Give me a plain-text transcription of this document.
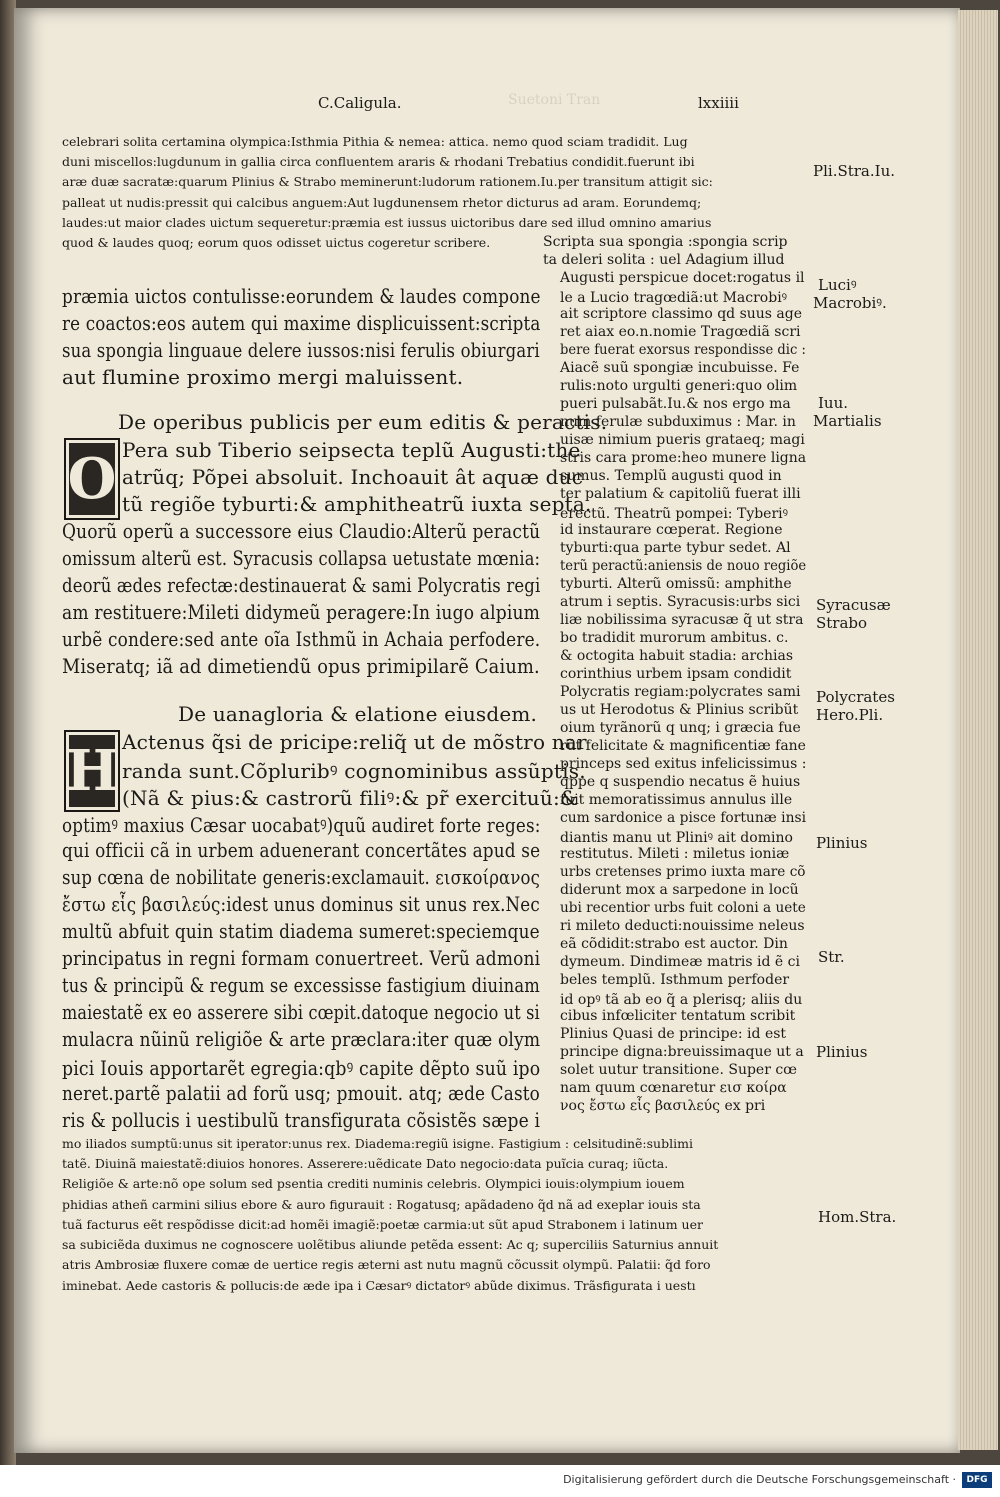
Suetoni Tran
C.Caligula.	lxxiiii
celebrari solita certamina olympica:Isthmia Pithia & nemea: attica. nemo quod sciam tradidit. Lug
duni miscellos:lugdunum in gallia circa confluentem araris & rhodani Trebatius condidit.fuerunt ibi
aræ duæ sacratæ:quarum Plinius & Strabo meminerunt:ludorum rationem.Iu.per transitum attigit sic:
palleat ut nudis:pressit qui calcibus anguem:Aut lugdunensem rhetor dicturus ad aram. Eorundemq;
laudes:ut maior clades uictum sequeretur:præmia est iussus uictoribus dare sed illud omnino amarius
quod & laudes quoq; eorum quos odisset uictus cogeretur scribere.
præmia uictos contulisse:eorundem & laudes compone
re coactos:eos autem qui maxime displicuissent:scripta
sua spongia linguaue delere iussos:nisi ferulis obiurgari
aut flumine proximo mergi maluissent.
De operibus publicis per eum editis & peractis.
O Pera sub Tiberio seipsecta teplũ Augusti:the
atrũq; Põpei absoluit. Inchoauit ât aquæ duc
tũ regiõe tyburti:& amphitheatrũ iuxta septa.
Quorũ operũ a successore eius Claudio:Alterũ peractũ
omissum alterũ est. Syracusis collapsa uetustate mœnia:
deorũ ædes refectæ:destinauerat & sami Polycratis regi
am restituere:Mileti didymeũ peragere:In iugo alpium
urbẽ condere:sed ante oĩa Isthmũ in Achaia perfodere.
Miseratq; iã ad dimetiendũ opus primipilarẽ Caium.
De uanagloria & elatione eiusdem.
H Actenus q̃si de pricipe:reliq̃ ut de mõstro nar
randa sunt.Cõpluribꝰ cognominibus assũptis.
(Nã & pius:& castrorũ filiꝰ:& pr̃ exercituũ:&
optimꝰ maxius Cæsar uocabatꝰ)quũ audiret forte reges:
qui officii cã in urbem aduenerant concertãtes apud se
sup cœna de nobilitate generis:exclamauit. εισκοίρανος
ἔστω εἷς βασιλεύς:idest unus dominus sit unus rex.Nec
multũ abfuit quin statim diadema sumeret:speciemque
principatus in regni formam conuertreet. Verũ admoni
tus & principũ & regum se excessisse fastigium diuinam
maiestatẽ ex eo asserere sibi cœpit.datoque negocio ut si
mulacra nũinũ religiõe & arte præclara:iter quæ olym
pici Iouis apportarẽt egregia:qbꝰ capite dẽpto suũ ipo
neret.partẽ palatii ad forũ usq; pmouit. atq; æde Casto
ris & pollucis i uestibulũ transfigurata cõsistẽs sæpe i
Scripta sua spongia :spongia scrip
ta deleri solita : uel Adagium illud
Augusti perspicue docet:rogatus il
le a Lucio tragœdiã:ut Macrobiꝰ
ait scriptore classimo qd suus age
ret aiax eo.n.nomie Tragœdiã scri
bere fuerat exorsus respondisse dic :
Aiacẽ suũ spongiæ incubuisse. Fe
rulis:noto urgulti generi:quo olim
pueri pulsabãt.Iu.& nos ergo ma
num ferulæ subduximus : Mar. in
uisæ nimium pueris grataeq; magi
stris cara prome:heo munere ligna
sumus. Templũ augusti quod in
ter palatium & capitoliũ fuerat illi
erectũ. Theatrũ pompei: Tyberiꝰ
id instaurare cœperat. Regione
tyburti:qua parte tybur sedet. Al
terũ peractũ:aniensis de nouo regiõe
tyburti. Alterũ omissũ: amphithe
atrum i septis. Syracusis:urbs sici
liæ nobilissima syracusæ q̃ ut stra
bo tradidit murorum ambitus. c.
& octogita habuit stadia: archias
corinthius urbem ipsam condidit
Polycratis regiam:polycrates sami
us ut Herodotus & Plinius scribũt
oium tyrãnorũ q unq; i græcia fue
rũt felicitate & magnificentiæ fane
princeps sed exitus infelicissimus :
qppe q suspendio necatus ẽ huius
fuit memoratissimus annulus ille
cum sardonice a pisce fortunæ insi
diantis manu ut Pliniꝰ ait domino
restitutus. Mileti : miletus ioniæ
urbs cretenses primo iuxta mare cõ
diderunt mox a sarpedone in locũ
ubi recentior urbs fuit coloni a uete
ri mileto deducti:nouissime neleus
eã cõdidit:strabo est auctor. Din
dymeum. Dindimeæ matris id ẽ ci
beles templũ. Isthmum perfoder
id opꝰ tã ab eo q̃ a plerisq; aliis du
cibus infœliciter tentatum scribit
Plinius Quasi de principe: id est
principe digna:breuissimaque ut a
solet uutur transitione. Super cœ
nam quum cœnaretur εισ κοίρα
νος ἔστω εἷς βασιλεύς ex pri
mo iliados sumptũ:unus sit iperator:unus rex. Diadema:regiũ isigne. Fastigium : celsitudinẽ:sublimi
tatẽ. Diuinã maiestatẽ:diuios honores. Asserere:uẽdicate Dato negocio:data puĩcia curaq; iũcta.
Religiõe & arte:nõ ope solum sed psentia crediti numinis celebris. Olympici iouis:olympium iouem
phidias atheñ carmini silius ebore & auro figurauit : Rogatusq; apãdadeno q̃d nã ad exeplar iouis sta
tuã facturus eẽt respõdisse dicit:ad homẽi imagiẽ:poetæ carmia:ut sũt apud Strabonem i latinum uer
sa subiciẽda duximus ne cognoscere uolẽtibus aliunde petẽda essent: Ac q; superciliis Saturnius annuit
atris Ambrosiæ fluxere comæ de uertice regis æterni ast nutu magnũ cõcussit olympũ. Palatii: q̃d foro
iminebat. Aede castoris & pollucis:de æde ipa i Cæsarꝰ dictatorꝰ abũde diximus. Trãsfigurata i uestı
Pli.Stra.Iu.
Luciꝰ
Macrobiꝰ.
Iuu.
Martialis
Syracusæ
Strabo
Polycrates
Hero.Pli.
Plinius
Str.
Plinius
Hom.Stra.
Digitalisierung gefördert durch die Deutsche Forschungsgemeinschaft ·	DFG
